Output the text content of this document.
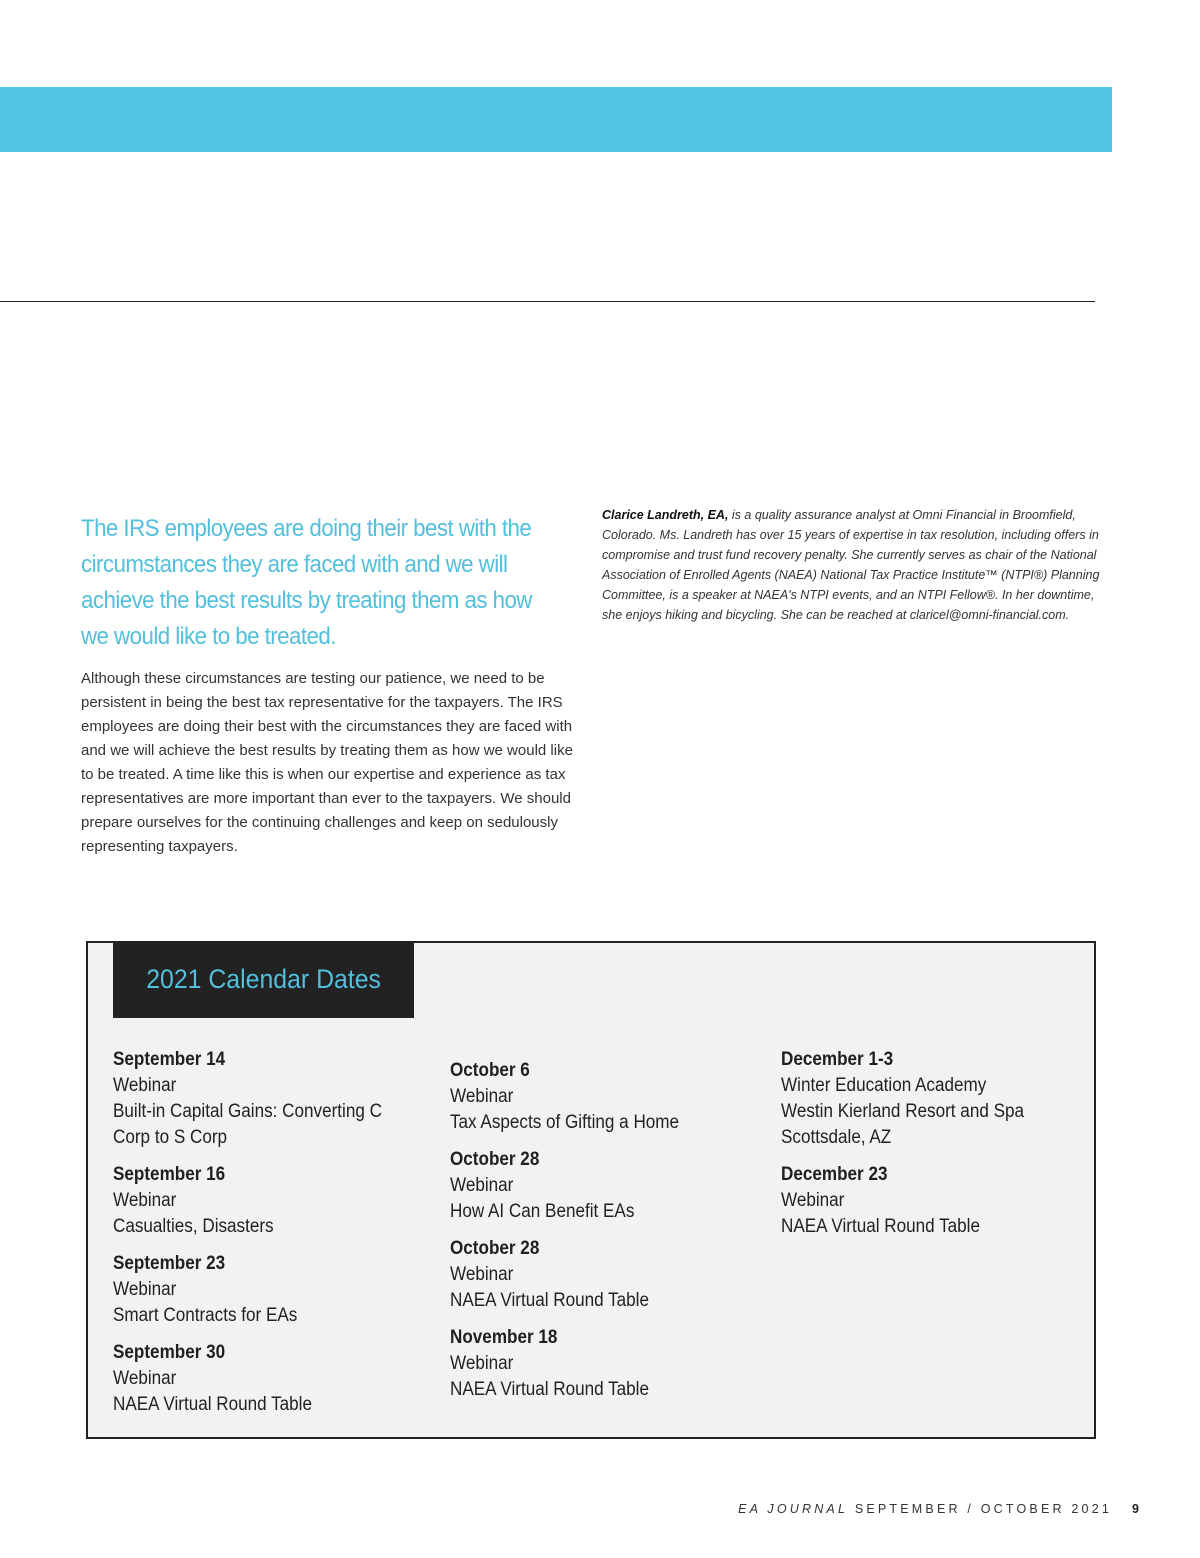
The IRS employees are doing their best with the circumstances they are faced with and we will achieve the best results by treating them as how we would like to be treated.
Although these circumstances are testing our patience, we need to be persistent in being the best tax representative for the taxpayers. The IRS employees are doing their best with the circumstances they are faced with and we will achieve the best results by treating them as how we would like to be treated. A time like this is when our expertise and experience as tax representatives are more important than ever to the taxpayers. We should prepare ourselves for the continuing challenges and keep on sedulously representing taxpayers.
Clarice Landreth, EA, is a quality assurance analyst at Omni Financial in Broomfield, Colorado. Ms. Landreth has over 15 years of expertise in tax resolution, including offers in compromise and trust fund recovery penalty. She currently serves as chair of the National Association of Enrolled Agents (NAEA) National Tax Practice Institute™ (NTPI®) Planning Committee, is a speaker at NAEA's NTPI events, and an NTPI Fellow®. In her downtime, she enjoys hiking and bicycling. She can be reached at claricel@omni-financial.com.
2021 Calendar Dates
September 14
Webinar
Built-in Capital Gains: Converting C
Corp to S Corp
September 16
Webinar
Casualties, Disasters
September 23
Webinar
Smart Contracts for EAs
September 30
Webinar
NAEA Virtual Round Table
October 6
Webinar
Tax Aspects of Gifting a Home
October 28
Webinar
How AI Can Benefit EAs
October 28
Webinar
NAEA Virtual Round Table
November 18
Webinar
NAEA Virtual Round Table
December 1-3
Winter Education Academy
Westin Kierland Resort and Spa
Scottsdale, AZ
December 23
Webinar
NAEA Virtual Round Table
EA JOURNAL SEPTEMBER / OCTOBER 2021 9
